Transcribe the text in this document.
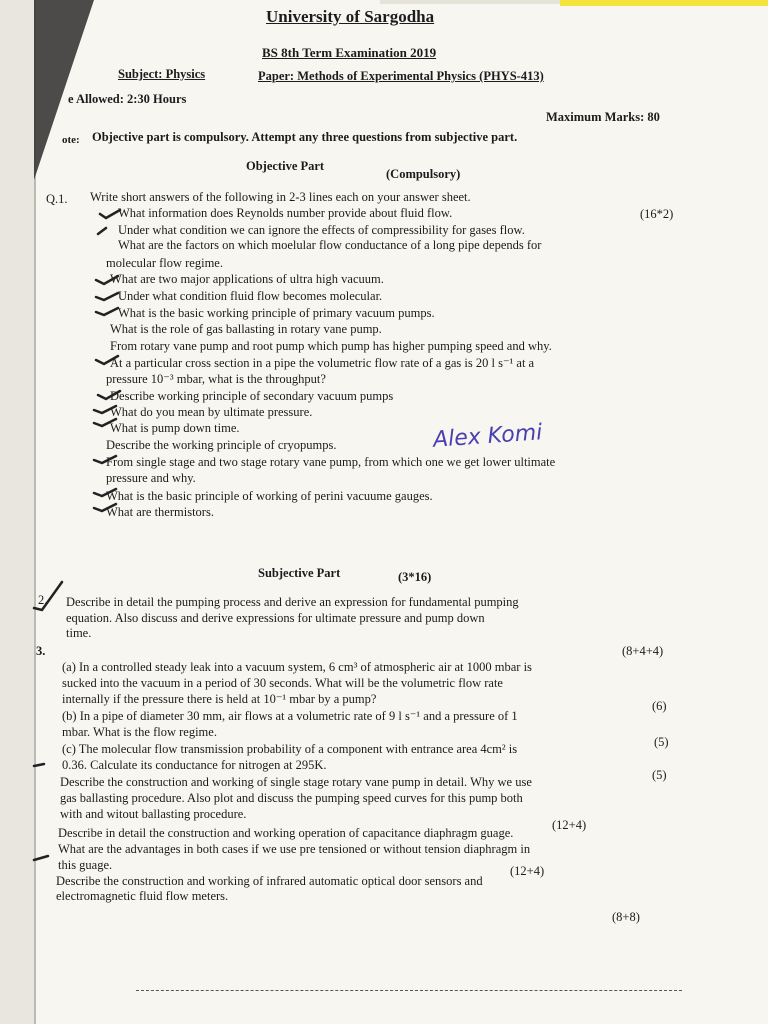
University of Sargodha
BS 8th Term Examination 2019
Subject: Physics	Paper: Methods of Experimental Physics (PHYS-413)
e Allowed: 2:30 Hours
Maximum Marks: 80
ote: Objective part is compulsory. Attempt any three questions from subjective part.
Objective Part
(Compulsory)
Q.1. Write short answers of the following in 2-3 lines each on your answer sheet.
(16*2)
What information does Reynolds number provide about fluid flow.
Under what condition we can ignore the effects of compressibility for gases flow.
What are the factors on which moelular flow conductance of a long pipe depends for
molecular flow regime.
What are two major applications of ultra high vacuum.
Under what condition fluid flow becomes molecular.
What is the basic working principle of primary vacuum pumps.
What is the role of gas ballasting in rotary vane pump.
From rotary vane pump and root pump which pump has higher pumping speed and why.
At a particular cross section in a pipe the volumetric flow rate of a gas is 20 l s⁻¹ at a
pressure 10⁻³ mbar, what is the throughput?
Describe working principle of secondary vacuum pumps
What do you mean by ultimate pressure.
What is pump down time.
Describe the working principle of cryopumps.
From single stage and two stage rotary vane pump, from which one we get lower ultimate
pressure and why.
What is the basic principle of working of perini vacuume gauges.
What are thermistors.
Alex Komi
Subjective Part	(3*16)
2. Describe in detail the pumping process and derive an expression for fundamental pumping
equation. Also discuss and derive expressions for ultimate pressure and pump down
time.
3.	(8+4+4)
(a) In a controlled steady leak into a vacuum system, 6 cm³ of atmospheric air at 1000 mbar is
sucked into the vacuum in a period of 30 seconds. What will be the volumetric flow rate
internally if the pressure there is held at 10⁻¹ mbar by a pump?	(6)
(b) In a pipe of diameter 30 mm, air flows at a volumetric rate of 9 l s⁻¹ and a pressure of 1
mbar. What is the flow regime.
(5)
(c) The molecular flow transmission probability of a component with entrance area 4cm² is
0.36. Calculate its conductance for nitrogen at 295K.
(5)
Describe the construction and working of single stage rotary vane pump in detail. Why we use
gas ballasting procedure. Also plot and discuss the pumping speed curves for this pump both
with and witout ballasting procedure.
(12+4)
Describe in detail the construction and working operation of capacitance diaphragm guage.
What are the advantages in both cases if we use pre tensioned or without tension diaphragm in
this guage.	(12+4)
Describe the construction and working of infrared automatic optical door sensors and
electromagnetic fluid flow meters.
(8+8)
